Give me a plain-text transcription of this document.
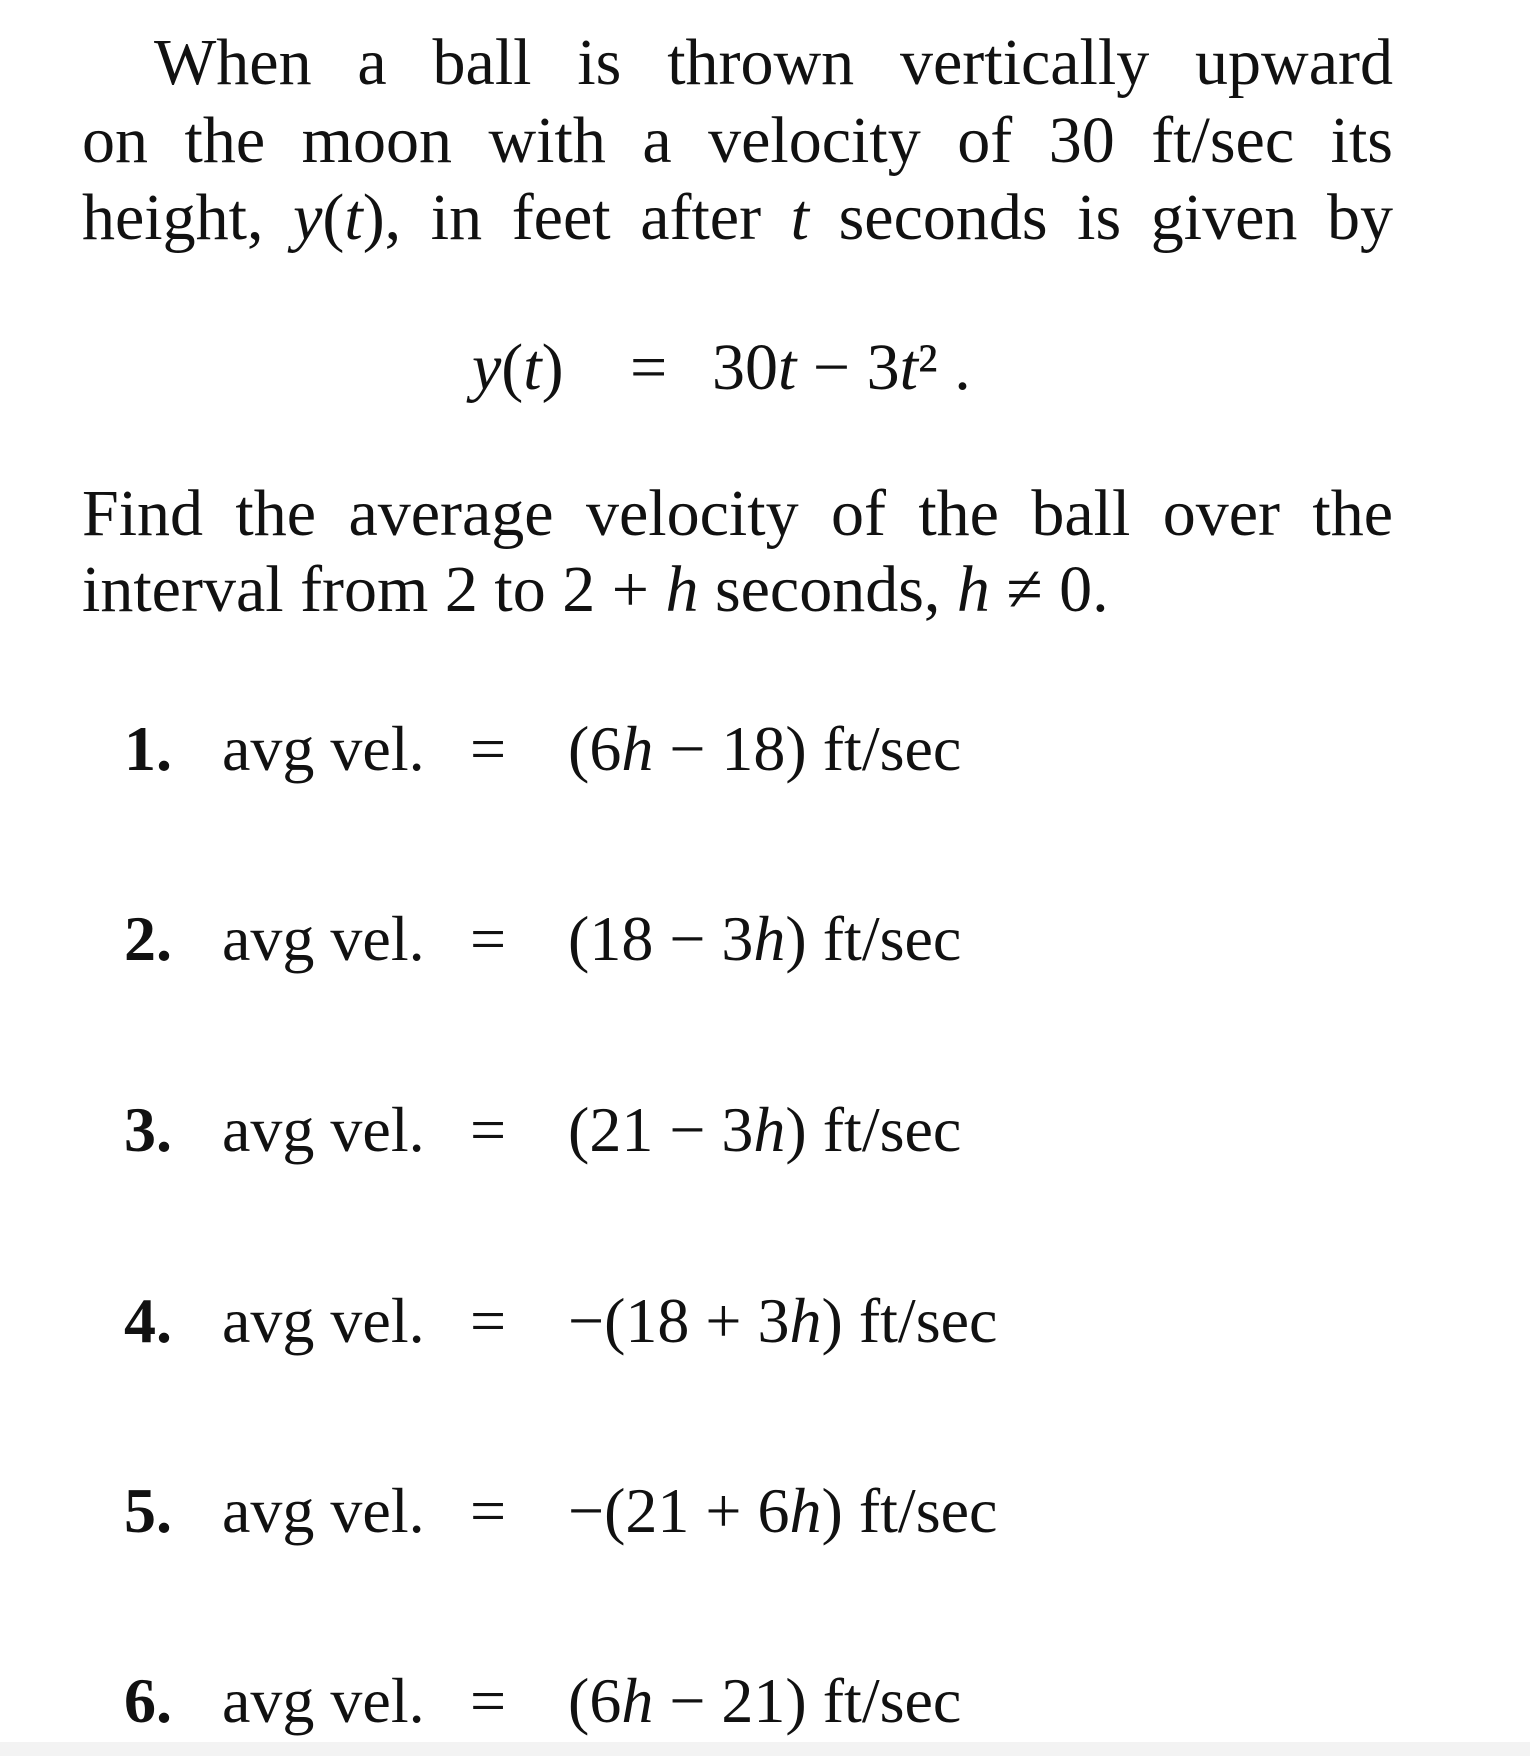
When a ball is thrown vertically upward
on the moon with a velocity of 30 ft/sec its
height, y(t), in feet after t seconds is given by
y(t) = 30t − 3t² .
Find the average velocity of the ball over the
interval from 2 to 2 + h seconds, h ≠ 0.
1. avg vel. = (6h − 18) ft/sec
2. avg vel. = (18 − 3h) ft/sec
3. avg vel. = (21 − 3h) ft/sec
4. avg vel. = −(18 + 3h) ft/sec
5. avg vel. = −(21 + 6h) ft/sec
6. avg vel. = (6h − 21) ft/sec
